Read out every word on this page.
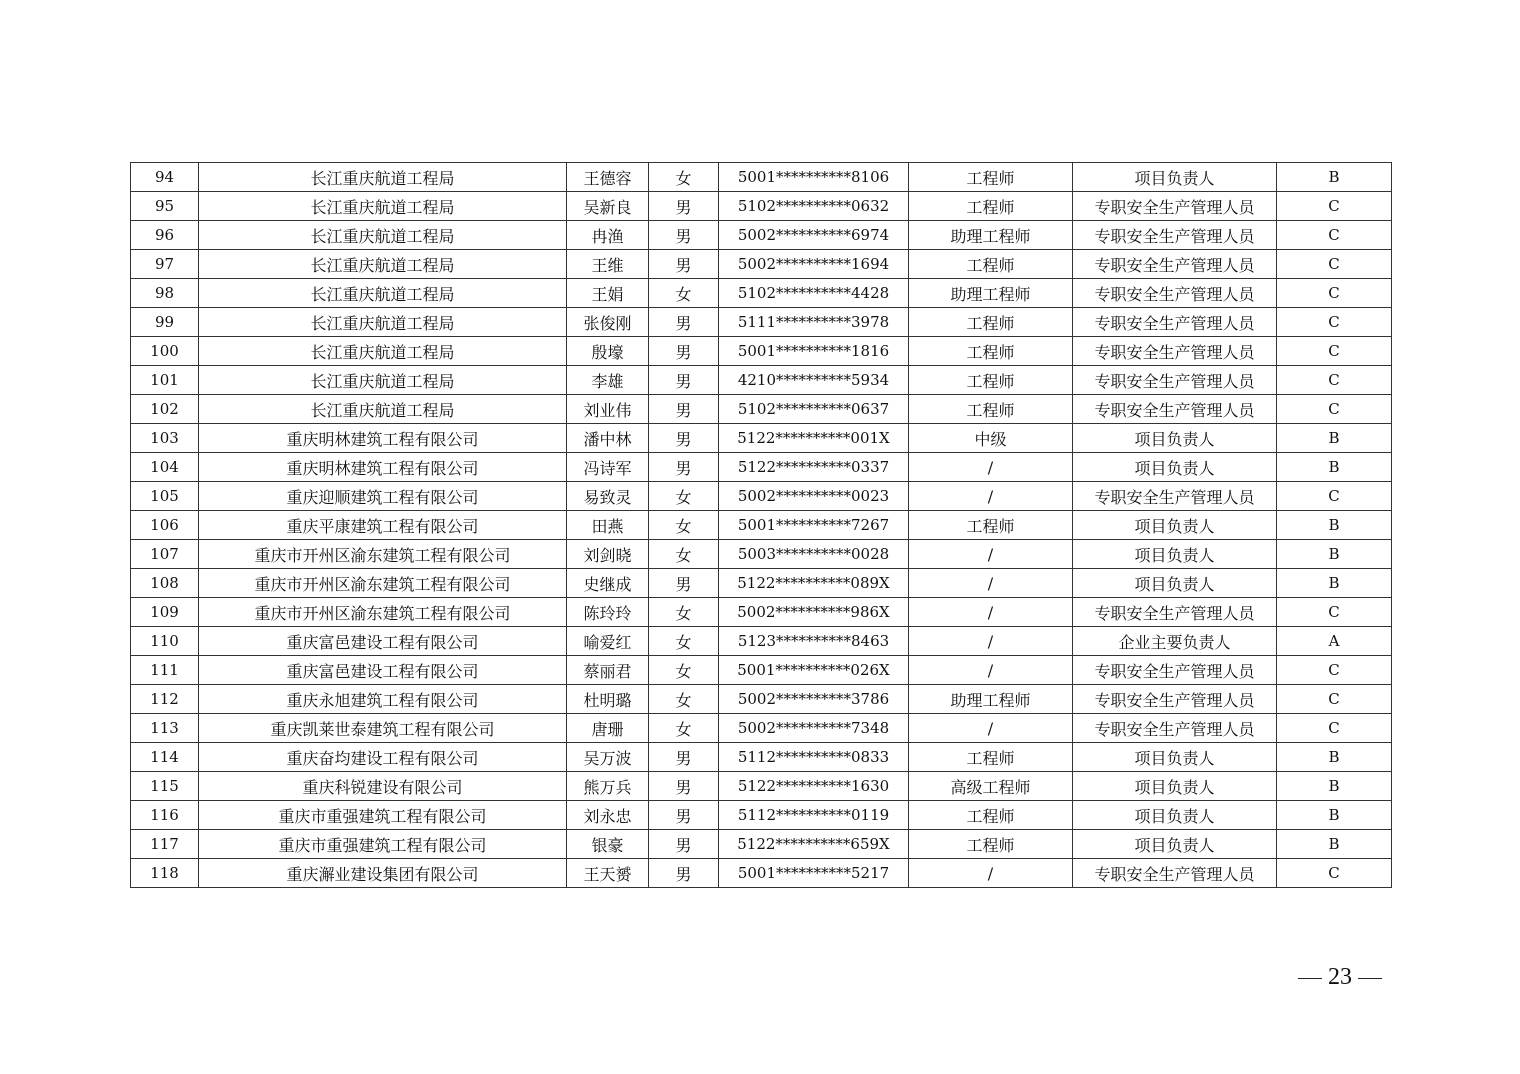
94	长江重庆航道工程局	王德容	女	5001**********8106	工程师	项目负责人	B
95	长江重庆航道工程局	吴新良	男	5102**********0632	工程师	专职安全生产管理人员	C
96	长江重庆航道工程局	冉渔	男	5002**********6974	助理工程师	专职安全生产管理人员	C
97	长江重庆航道工程局	王维	男	5002**********1694	工程师	专职安全生产管理人员	C
98	长江重庆航道工程局	王娟	女	5102**********4428	助理工程师	专职安全生产管理人员	C
99	长江重庆航道工程局	张俊刚	男	5111**********3978	工程师	专职安全生产管理人员	C
100	长江重庆航道工程局	殷壕	男	5001**********1816	工程师	专职安全生产管理人员	C
101	长江重庆航道工程局	李雄	男	4210**********5934	工程师	专职安全生产管理人员	C
102	长江重庆航道工程局	刘业伟	男	5102**********0637	工程师	专职安全生产管理人员	C
103	重庆明林建筑工程有限公司	潘中林	男	5122**********001X	中级	项目负责人	B
104	重庆明林建筑工程有限公司	冯诗军	男	5122**********0337	/	项目负责人	B
105	重庆迎顺建筑工程有限公司	易致灵	女	5002**********0023	/	专职安全生产管理人员	C
106	重庆平康建筑工程有限公司	田燕	女	5001**********7267	工程师	项目负责人	B
107	重庆市开州区渝东建筑工程有限公司	刘剑晓	女	5003**********0028	/	项目负责人	B
108	重庆市开州区渝东建筑工程有限公司	史继成	男	5122**********089X	/	项目负责人	B
109	重庆市开州区渝东建筑工程有限公司	陈玲玲	女	5002**********986X	/	专职安全生产管理人员	C
110	重庆富邑建设工程有限公司	喻爱红	女	5123**********8463	/	企业主要负责人	A
111	重庆富邑建设工程有限公司	蔡丽君	女	5001**********026X	/	专职安全生产管理人员	C
112	重庆永旭建筑工程有限公司	杜明璐	女	5002**********3786	助理工程师	专职安全生产管理人员	C
113	重庆凯莱世泰建筑工程有限公司	唐珊	女	5002**********7348	/	专职安全生产管理人员	C
114	重庆奋均建设工程有限公司	吴万波	男	5112**********0833	工程师	项目负责人	B
115	重庆科锐建设有限公司	熊万兵	男	5122**********1630	高级工程师	项目负责人	B
116	重庆市重强建筑工程有限公司	刘永忠	男	5112**********0119	工程师	项目负责人	B
117	重庆市重强建筑工程有限公司	银豪	男	5122**********659X	工程师	项目负责人	B
118	重庆澥业建设集团有限公司	王天赟	男	5001**********5217	/	专职安全生产管理人员	C
23
